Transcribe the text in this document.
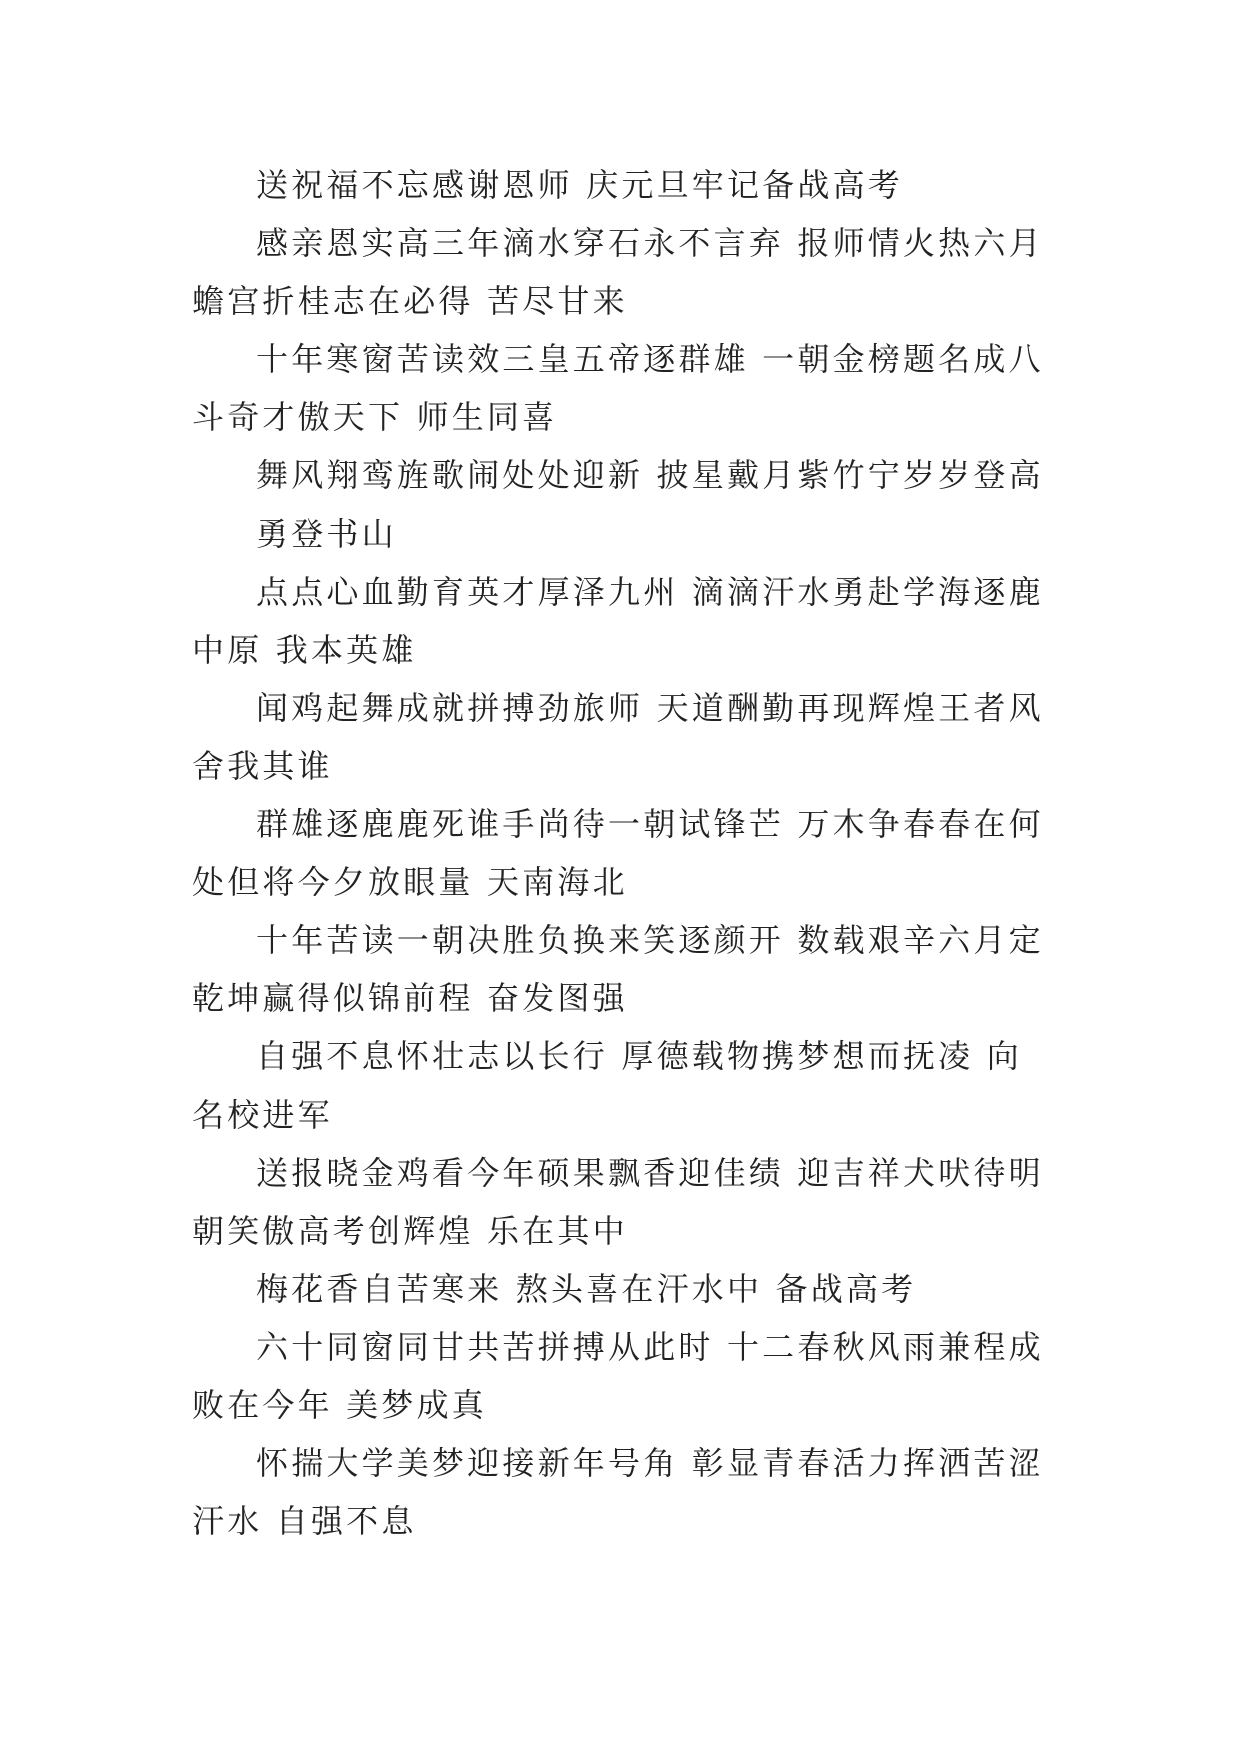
送祝福不忘感谢恩师 庆元旦牢记备战高考

感亲恩实高三年滴水穿石永不言弃 报师情火热六月蟾宫折桂志在必得 苦尽甘来

十年寒窗苦读效三皇五帝逐群雄 一朝金榜题名成八斗奇才傲天下 师生同喜

舞风翔鸾旌歌闹处处迎新 披星戴月紫竹宁岁岁登高

勇登书山

点点心血勤育英才厚泽九州 滴滴汗水勇赴学海逐鹿中原 我本英雄

闻鸡起舞成就拼搏劲旅师 天道酬勤再现辉煌王者风舍我其谁

群雄逐鹿鹿死谁手尚待一朝试锋芒 万木争春春在何处但将今夕放眼量 天南海北

十年苦读一朝决胜负换来笑逐颜开 数载艰辛六月定乾坤赢得似锦前程 奋发图强

自强不息怀壮志以长行 厚德载物携梦想而抚凌 向名校进军

送报晓金鸡看今年硕果飘香迎佳绩 迎吉祥犬吠待明朝笑傲高考创辉煌 乐在其中

梅花香自苦寒来 熬头喜在汗水中 备战高考

六十同窗同甘共苦拼搏从此时 十二春秋风雨兼程成败在今年 美梦成真

怀揣大学美梦迎接新年号角 彰显青春活力挥洒苦涩汗水 自强不息
